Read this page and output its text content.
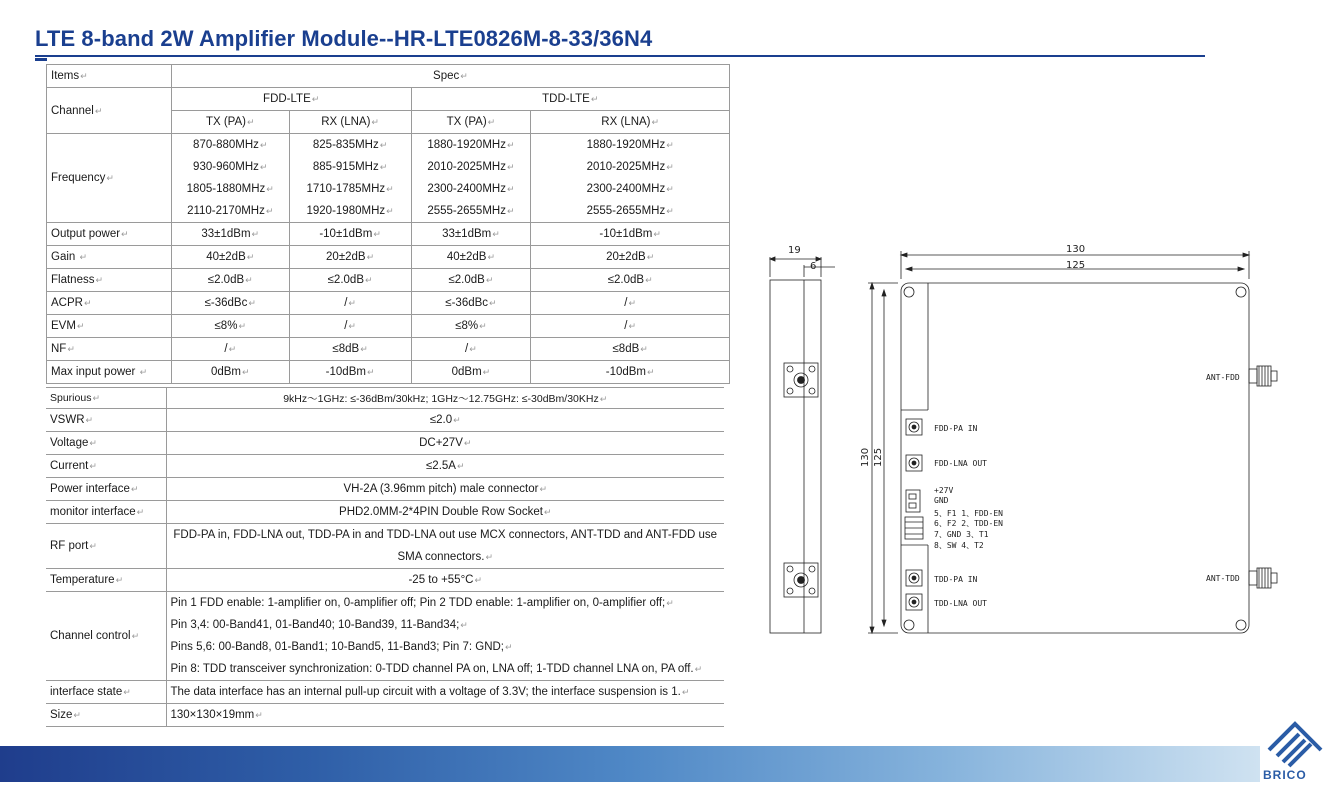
LTE 8-band 2W Amplifier Module--HR-LTE0826M-8-33/36N4
Items↵	Spec↵			
Channel↵	FDD-LTE↵		TDD-LTE↵	
	TX (PA)↵	RX (LNA)↵	TX (PA)↵	RX (LNA)↵
Frequency↵	870-880MHz↵	825-835MHz↵	1880-1920MHz↵	1880-1920MHz↵
	930-960MHz↵	885-915MHz↵	2010-2025MHz↵	2010-2025MHz↵
	1805-1880MHz↵	1710-1785MHz↵	2300-2400MHz↵	2300-2400MHz↵
	2110-2170MHz↵	1920-1980MHz↵	2555-2655MHz↵	2555-2655MHz↵
Output power↵	33±1dBm↵	-10±1dBm↵	33±1dBm↵	-10±1dBm↵
Gain ↵	40±2dB↵	20±2dB↵	40±2dB↵	20±2dB↵
Flatness↵	≤2.0dB↵	≤2.0dB↵	≤2.0dB↵	≤2.0dB↵
ACPR↵	≤-36dBc↵	/↵	≤-36dBc↵	/↵
EVM↵	≤8%↵	/↵	≤8%↵	/↵
NF↵	/↵	≤8dB↵	/↵	≤8dB↵
Max input power ↵	0dBm↵	-10dBm↵	0dBm↵	-10dBm↵
Spurious↵	9kHz～1GHz: ≤-36dBm/30kHz; 1GHz～12.75GHz: ≤-30dBm/30KHz↵
VSWR↵	≤2.0↵
Voltage↵	DC+27V↵
Current↵	≤2.5A↵
Power interface↵	VH-2A (3.96mm pitch) male connector↵
monitor interface↵	PHD2.0MM-2*4PIN Double Row Socket↵
RF port↵	FDD-PA in, FDD-LNA out, TDD-PA in and TDD-LNA out use MCX connectors, ANT-TDD and ANT-FDD use
SMA connectors.↵
Temperature↵	-25 to +55°C↵
Channel control↵	Pin 1 FDD enable: 1-amplifier on, 0-amplifier off; Pin 2 TDD enable: 1-amplifier on, 0-amplifier off;↵
Pin 3,4: 00-Band41, 01-Band40; 10-Band39, 11-Band34;↵
Pins 5,6: 00-Band8, 01-Band1; 10-Band5, 11-Band3; Pin 7: GND;↵
Pin 8: TDD transceiver synchronization: 0-TDD channel PA on, LNA off; 1-TDD channel LNA on, PA off.↵
interface state↵	The data interface has an internal pull-up circuit with a voltage of 3.3V; the interface suspension is 1.↵
Size↵	130×130×19mm↵
19
6
130
125
130 125
ANT-FDD
ANT-TDD
FDD-PA IN
FDD-LNA OUT
+27V
GND
5、F1 1、FDD-EN
6、F2 2、TDD-EN
7、GND 3、T1
8、SW 4、T2
TDD-PA IN
TDD-LNA OUT
BRICO
